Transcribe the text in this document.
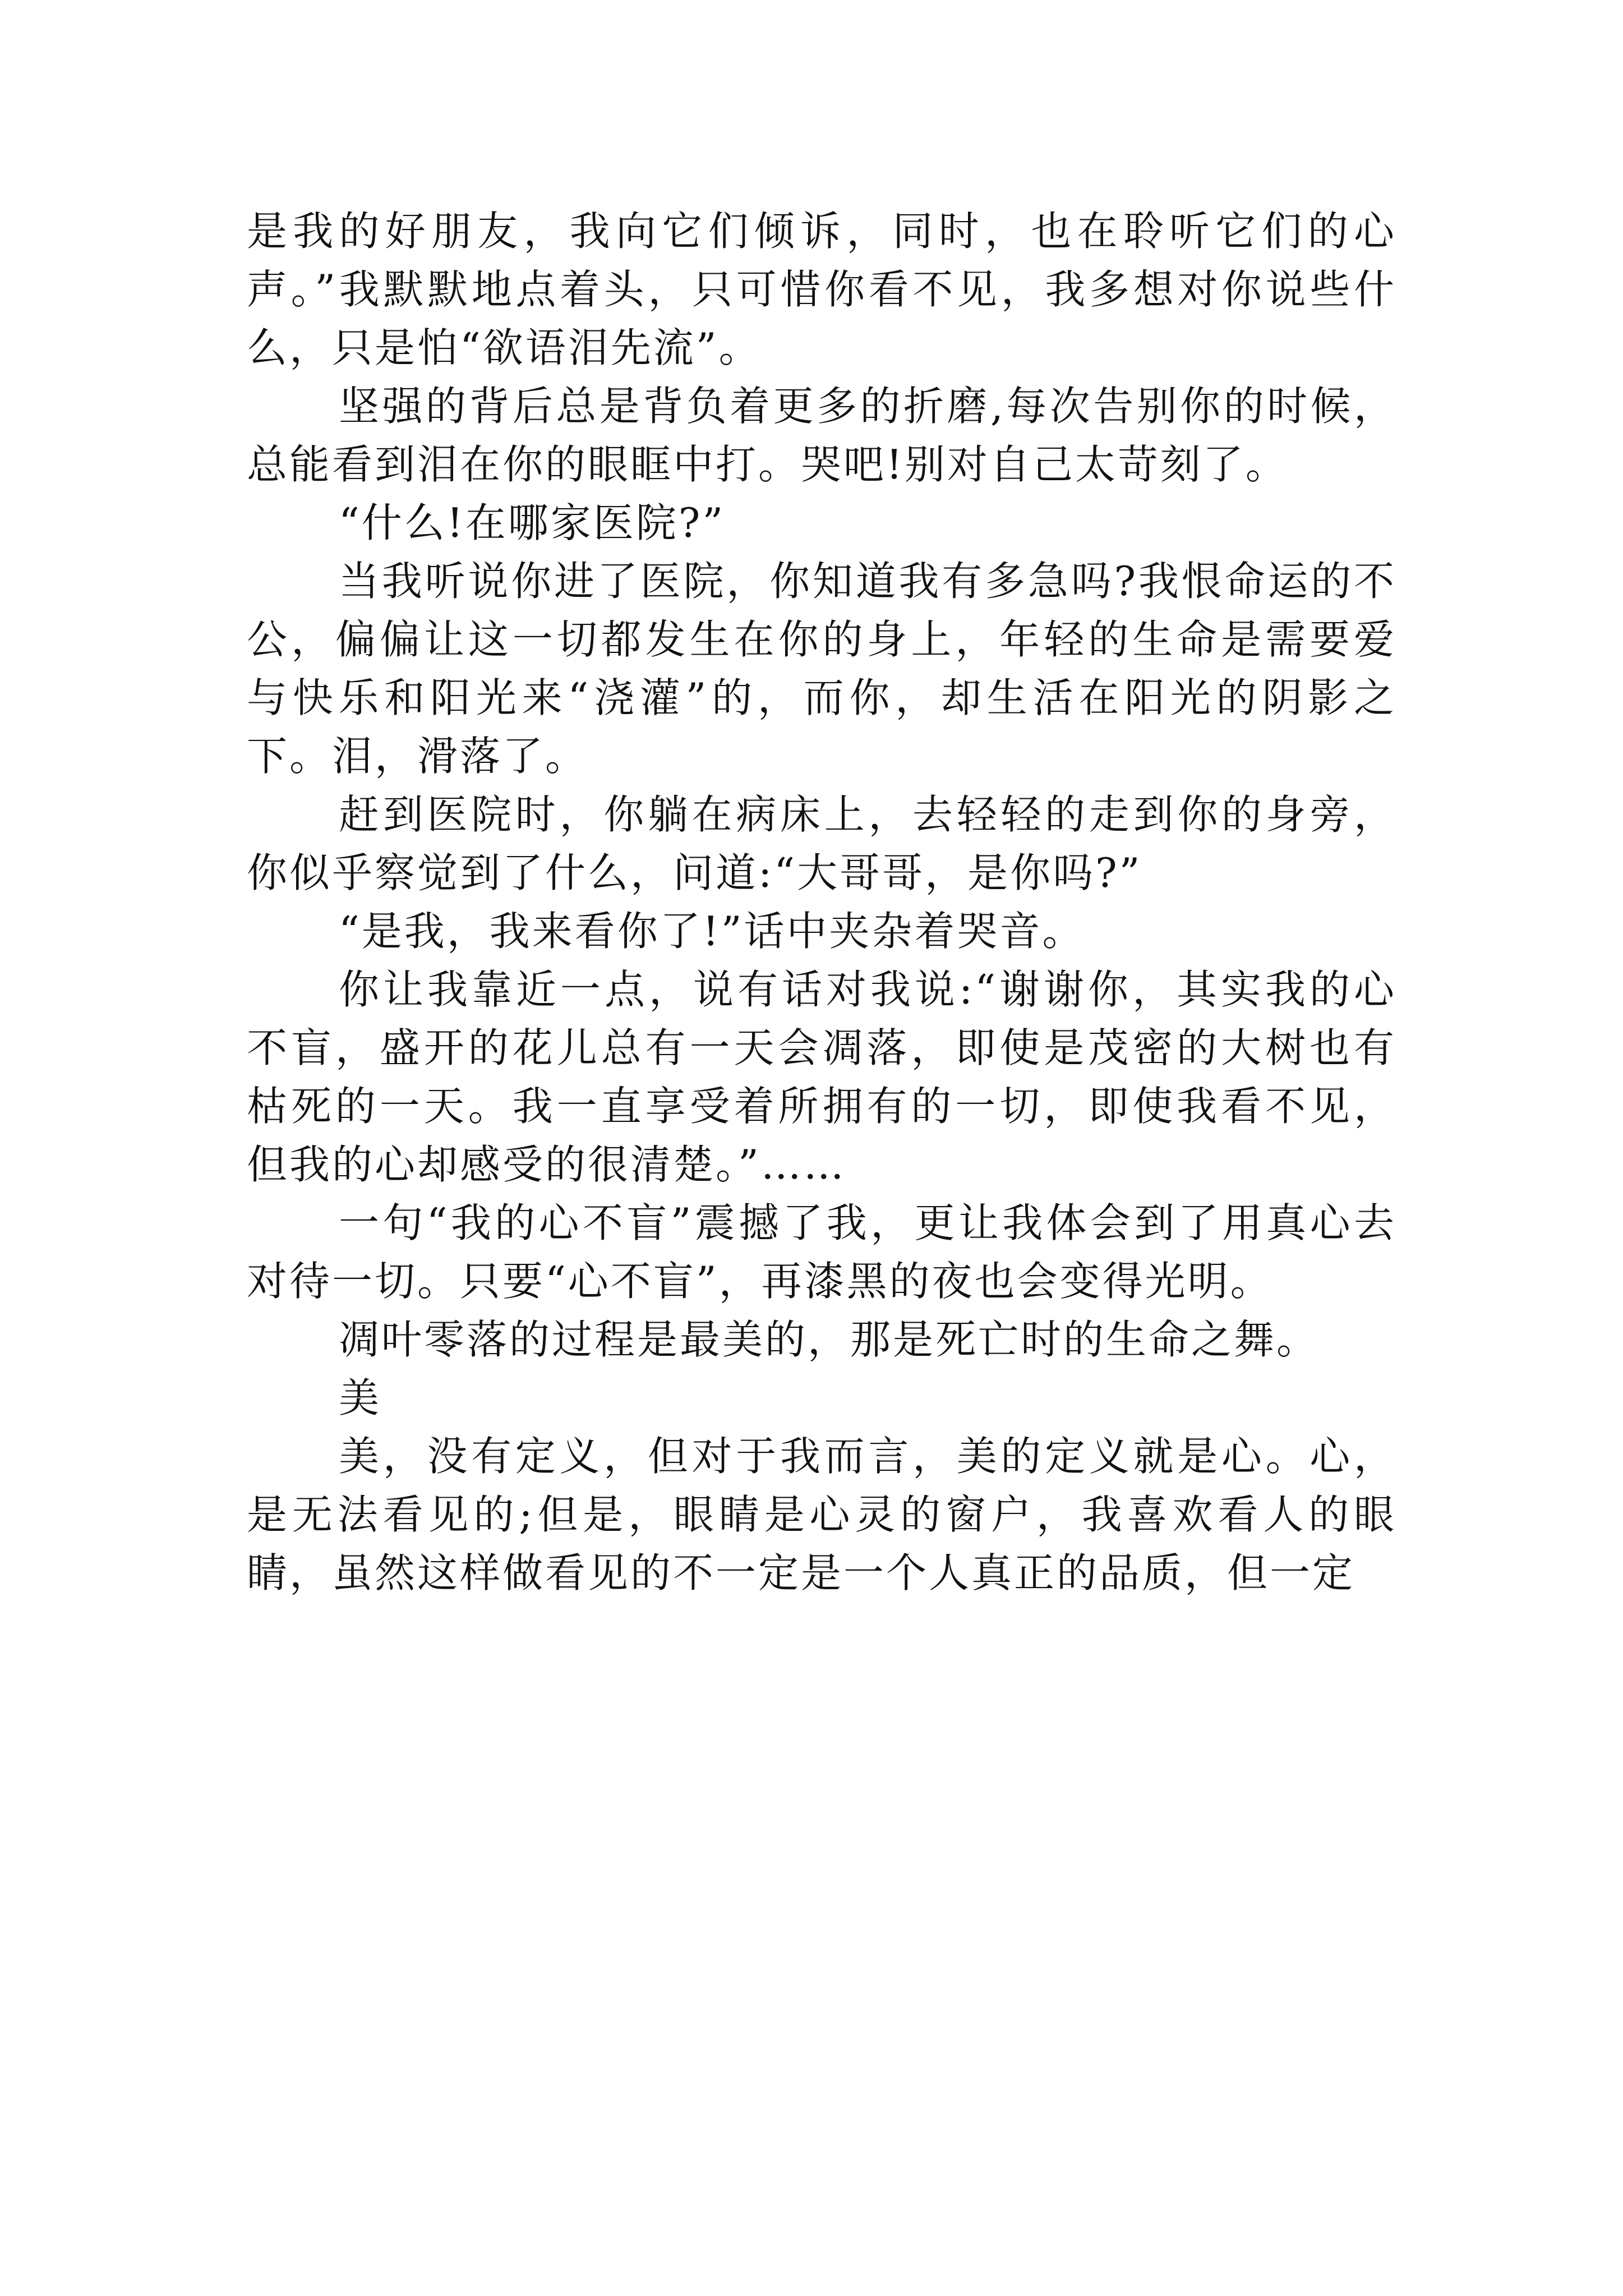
是我的好朋友，我向它们倾诉，同时，也在聆听它们的心声。”我默默地点着头，只可惜你看不见，我多想对你说些什么，只是怕“欲语泪先流”。

坚强的背后总是背负着更多的折磨,每次告别你的时候，总能看到泪在你的眼眶中打。哭吧!别对自己太苛刻了。

“什么!在哪家医院?”

当我听说你进了医院，你知道我有多急吗?我恨命运的不公，偏偏让这一切都发生在你的身上，年轻的生命是需要爱与快乐和阳光来“浇灌”的，而你，却生活在阳光的阴影之下。泪，滑落了。

赶到医院时，你躺在病床上，去轻轻的走到你的身旁，你似乎察觉到了什么，问道:“大哥哥，是你吗?”

“是我，我来看你了!”话中夹杂着哭音。

你让我靠近一点，说有话对我说:“谢谢你，其实我的心不盲，盛开的花儿总有一天会凋落，即使是茂密的大树也有枯死的一天。我一直享受着所拥有的一切，即使我看不见，但我的心却感受的很清楚。”……

一句“我的心不盲”震撼了我，更让我体会到了用真心去对待一切。只要“心不盲”，再漆黑的夜也会变得光明。

凋叶零落的过程是最美的，那是死亡时的生命之舞。

美

美，没有定义，但对于我而言，美的定义就是心。心，是无法看见的;但是，眼睛是心灵的窗户，我喜欢看人的眼睛，虽然这样做看见的不一定是一个人真正的品质，但一定
